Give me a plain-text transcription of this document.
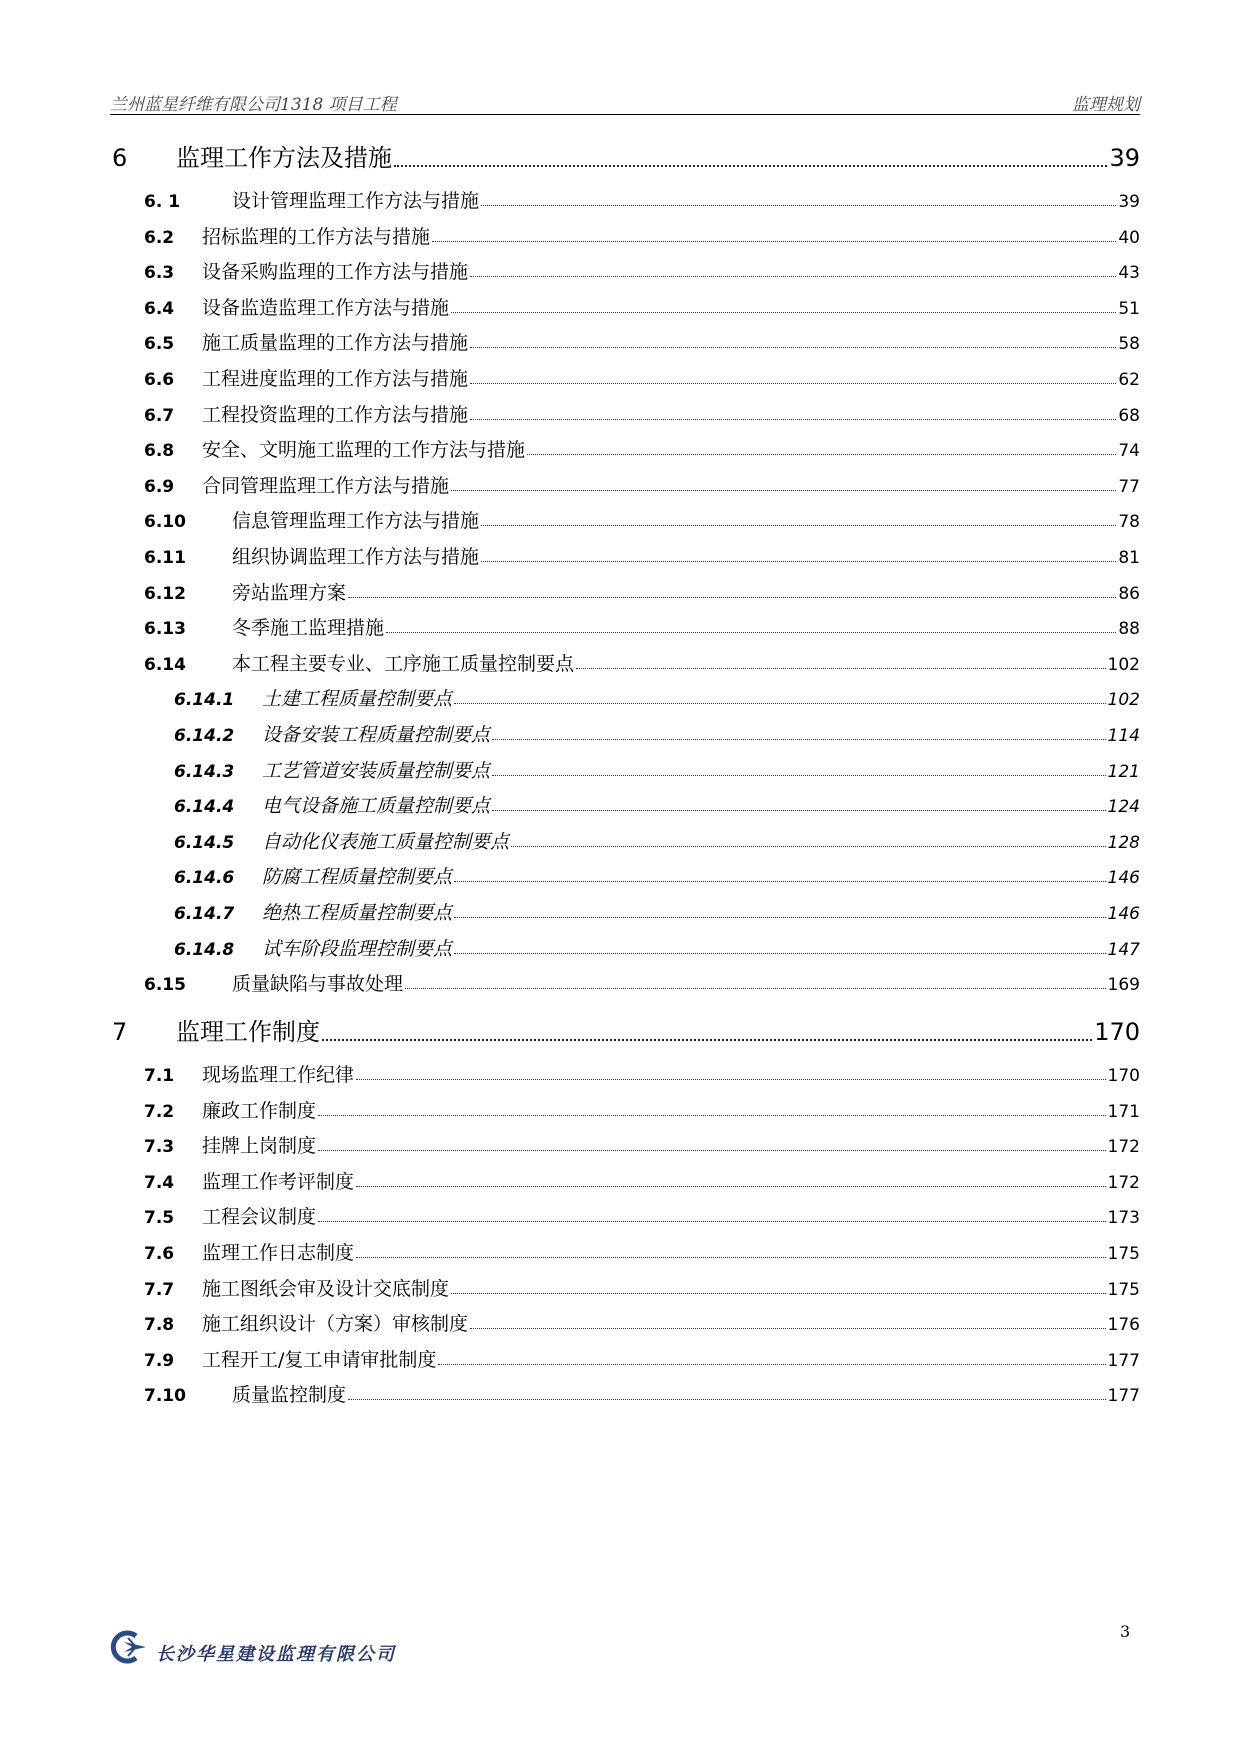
兰州蓝星纤维有限公司1318 项目工程	监理规划
6	监理工作方法及措施	39
6. 1	设计管理监理工作方法与措施	39
6.2	招标监理的工作方法与措施	40
6.3	设备采购监理的工作方法与措施	43
6.4	设备监造监理工作方法与措施	51
6.5	施工质量监理的工作方法与措施	58
6.6	工程进度监理的工作方法与措施	62
6.7	工程投资监理的工作方法与措施	68
6.8	安全、文明施工监理的工作方法与措施	74
6.9	合同管理监理工作方法与措施	77
6.10	信息管理监理工作方法与措施	78
6.11	组织协调监理工作方法与措施	81
6.12	旁站监理方案	86
6.13	冬季施工监理措施	88
6.14	本工程主要专业、工序施工质量控制要点	102
6.14.1	土建工程质量控制要点	102
6.14.2	设备安装工程质量控制要点	114
6.14.3	工艺管道安装质量控制要点	121
6.14.4	电气设备施工质量控制要点	124
6.14.5	自动化仪表施工质量控制要点	128
6.14.6	防腐工程质量控制要点	146
6.14.7	绝热工程质量控制要点	146
6.14.8	试车阶段监理控制要点	147
6.15	质量缺陷与事故处理	169
7	监理工作制度	170
7.1	现场监理工作纪律	170
7.2	廉政工作制度	171
7.3	挂牌上岗制度	172
7.4	监理工作考评制度	172
7.5	工程会议制度	173
7.6	监理工作日志制度	175
7.7	施工图纸会审及设计交底制度	175
7.8	施工组织设计（方案）审核制度	176
7.9	工程开工/复工申请审批制度	177
7.10	质量监控制度	177
长沙华星建设监理有限公司
3
